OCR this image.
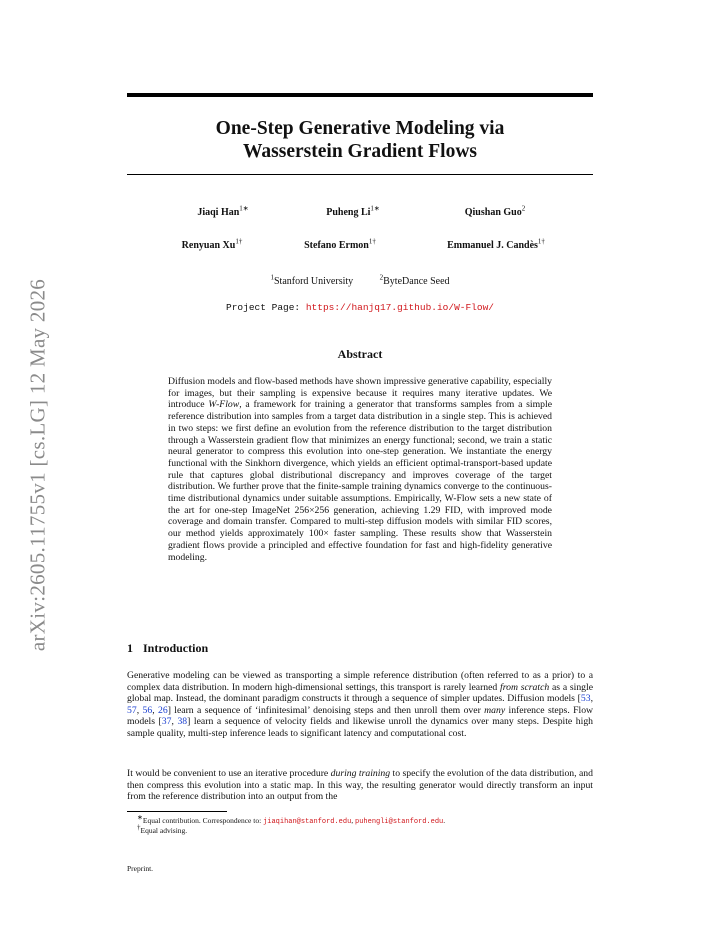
arXiv:2605.11755v1 [cs.LG] 12 May 2026
One-Step Generative Modeling via
Wasserstein Gradient Flows
Jiaqi Han$^{1∗}$	Puheng $Li^{1∗}$	Qiushan Guo$^2$
Renyuan $Xu^{1\dagger}$	Stefano Ermon$^{1\dagger}$	Emmanuel J. Candès$^{1\dagger}$
$^1$Stanford University	$^2$ByteDance Seed
Project Page: https://hanjq17.github.io/W-Flow/
Abstract
Diffusion models and flow-based methods have shown impressive generative capability, especially for images, but their sampling is expensive because it requires many iterative updates. We introduce W-Flow, a framework for training a generator that transforms samples from a simple reference distribution into samples from a target data distribution in a single step. This is achieved in two steps: we first define an evolution from the reference distribution to the target distribution through a Wasserstein gradient flow that minimizes an energy functional; second, we train a static neural generator to compress this evolution into one-step generation. We instantiate the energy functional with the Sinkhorn divergence, which yields an efficient optimal-transport-based update rule that captures global distributional discrepancy and improves coverage of the target distribution. We further prove that the finite-sample training dynamics converge to the continuous-time distributional dynamics under suitable assumptions. Empirically, W-Flow sets a new state of the art for one-step ImageNet 256×256 generation, achieving 1.29 FID, with improved mode coverage and domain transfer. Compared to multi-step diffusion models with similar FID scores, our method yields approximately 100× faster sampling. These results show that Wasserstein gradient flows provide a principled and effective foundation for fast and high-fidelity generative modeling.
1 Introduction
Generative modeling can be viewed as transporting a simple reference distribution (often referred to as a prior) to a complex data distribution. In modern high-dimensional settings, this transport is rarely learned from scratch as a single global map. Instead, the dominant paradigm constructs it through a sequence of simpler updates. Diffusion models [53, 57, 56, 26] learn a sequence of ‘infinitesimal’ denoising steps and then unroll them over many inference steps. Flow models [37, 38] learn a sequence of velocity fields and likewise unroll the dynamics over many steps. Despite high sample quality, multi-step inference leads to significant latency and computational cost.
It would be convenient to use an iterative procedure during training to specify the evolution of the data distribution, and then compress this evolution into a static map. In this way, the resulting generator would directly transform an input from the reference distribution into an output from the
∗Equal contribution. Correspondence to: jiaqihan@stanford.edu, puhengli@stanford.edu.
†Equal advising.
Preprint.
